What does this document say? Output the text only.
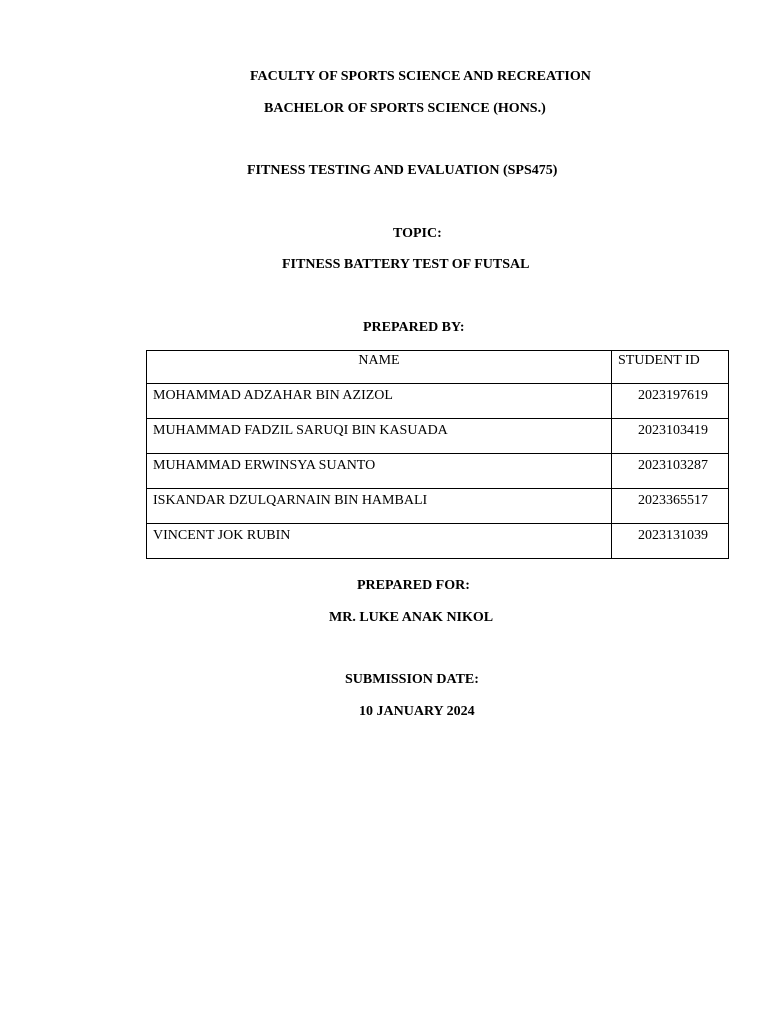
FACULTY OF SPORTS SCIENCE AND RECREATION
BACHELOR OF SPORTS SCIENCE (HONS.)
FITNESS TESTING AND EVALUATION (SPS475)
TOPIC:
FITNESS BATTERY TEST OF FUTSAL
PREPARED BY:
NAME	STUDENT ID
MOHAMMAD ADZAHAR BIN AZIZOL	2023197619
MUHAMMAD FADZIL SARUQI BIN KASUADA	2023103419
MUHAMMAD ERWINSYA SUANTO	2023103287
ISKANDAR DZULQARNAIN BIN HAMBALI	2023365517
VINCENT JOK RUBIN	2023131039
PREPARED FOR:
MR. LUKE ANAK NIKOL
SUBMISSION DATE:
10 JANUARY 2024
